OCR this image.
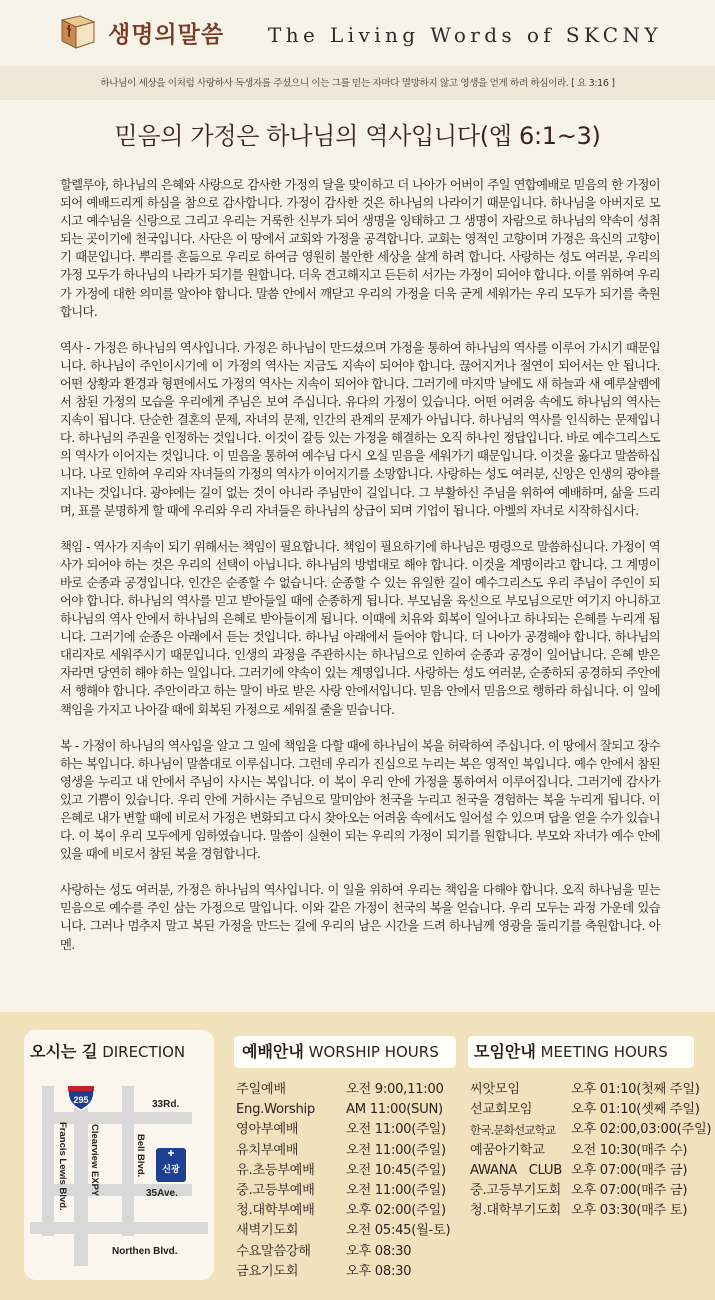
생명의말씀 The Living Words of SKCNY
하나님이 세상을 이처럼 사랑하사 독생자를 주셨으니 이는 그를 믿는 자마다 멸망하지 않고 영생을 얻게 하려 하심이라. [ 요 3:16 ]
믿음의 가정은 하나님의 역사입니다(엡 6:1~3)

할렐루야, 하나님의 은혜와 사랑으로 감사한 가정의 달을 맞이하고 더 나아가 어버이 주일 연합예배로 믿음의 한 가정이 되어 예배드리게 하심을 참으로 감사합니다. 가정이 감사한 것은 하나님의 나라이기 때문입니다. 하나님을 아버지로 모시고 예수님을 신랑으로 그리고 우리는 거룩한 신부가 되어 생명을 잉태하고 그 생명이 자람으로 하나님의 약속이 성취되는 곳이기에 천국입니다. 사단은 이 땅에서 교회와 가정을 공격합니다. 교회는 영적인 고향이며 가정은 육신의 고향이기 때문입니다. 뿌리를 흔듦으로 우리로 하여금 영원히 불안한 세상을 살게 하려 합니다. 사랑하는 성도 여러분, 우리의 가정 모두가 하나님의 나라가 되기를 원합니다. 더욱 견고해지고 든든히 서가는 가정이 되어야 합니다. 이를 위하여 우리가 가정에 대한 의미를 알아야 합니다. 말씀 안에서 깨닫고 우리의 가정을 더욱 굳게 세워가는 우리 모두가 되기를 축원합니다.

역사 - 가정은 하나님의 역사입니다. 가정은 하나님이 만드셨으며 가정을 통하여 하나님의 역사를 이루어 가시기 때문입니다. 하나님이 주인이시기에 이 가정의 역사는 지금도 지속이 되어야 합니다. 끊어지거나 절연이 되어서는 안 됩니다. 어떤 상황과 환경과 형편에서도 가정의 역사는 지속이 되어야 합니다. 그러기에 마지막 날에도 새 하늘과 새 예루살렘에서 참된 가정의 모습을 우리에게 주님은 보여 주십니다. 유다의 가정이 있습니다. 어떤 어려움 속에도 하나님의 역사는 지속이 됩니다. 단순한 결혼의 문제, 자녀의 문제, 인간의 관계의 문제가 아닙니다. 하나님의 역사를 인식하는 문제입니다. 하나님의 주권을 인정하는 것입니다. 이것이 갈등 있는 가정을 해결하는 오직 하나인 정답입니다. 바로 예수그리스도의 역사가 이어지는 것입니다. 이 믿음을 통하여 예수님 다시 오실 믿음을 세워가기 때문입니다. 이것을 옳다고 말씀하십니다. 나로 인하여 우리와 자녀들의 가정의 역사가 이어지기를 소망합니다. 사랑하는 성도 여러분, 신앙은 인생의 광야를 지나는 것입니다. 광야에는 길이 없는 것이 아니라 주님만이 길입니다. 그 부활하신 주님을 위하여 예배하며, 삶을 드리며, 표를 분명하게 할 때에 우리와 우리 자녀들은 하나님의 상급이 되며 기업이 됩니다. 아벨의 자녀로 시작하십시다.

책임 - 역사가 지속이 되기 위해서는 책임이 필요합니다. 책임이 필요하기에 하나님은 명령으로 말씀하십니다. 가정이 역사가 되어야 하는 것은 우리의 선택이 아닙니다. 하나님의 방법대로 해야 합니다. 이것을 계명이라고 합니다. 그 계명이 바로 순종과 공경입니다. 인간은 순종할 수 없습니다. 순종할 수 있는 유일한 길이 예수그리스도 우리 주님이 주인이 되어야 합니다. 하나님의 역사를 믿고 받아들일 때에 순종하게 됩니다. 부모님을 육신으로 부모님으로만 여기지 아니하고 하나님의 역사 안에서 하나님의 은혜로 받아들이게 됩니다. 이때에 치유와 회복이 일어나고 하나되는 은혜를 누리게 됩니다. 그러기에 순종은 아래에서 듣는 것입니다. 하나님 아래에서 들어야 합니다. 더 나아가 공경해야 합니다. 하나님의 대리자로 세워주시기 때문입니다. 인생의 과정을 주관하시는 하나님으로 인하여 순종과 공경이 일어납니다. 은혜 받은 자라면 당연히 해야 하는 일입니다. 그러기에 약속이 있는 계명입니다. 사랑하는 성도 여러분, 순종하되 공경하되 주안에서 행해야 합니다. 주안이라고 하는 말이 바로 받은 사랑 안에서입니다. 믿음 안에서 믿음으로 행하라 하십니다. 이 일에 책임을 가지고 나아갈 때에 회복된 가정으로 세워질 줄을 믿습니다.

복 - 가정이 하나님의 역사임을 알고 그 일에 책임을 다할 때에 하나님이 복을 허락하여 주십니다. 이 땅에서 잘되고 장수하는 복입니다. 하나님이 말씀대로 이루십니다. 그런데 우리가 진심으로 누리는 복은 영적인 복입니다. 예수 안에서 참된 영생을 누리고 내 안에서 주님이 사시는 복입니다. 이 복이 우리 안에 가정을 통하여서 이루어집니다. 그러기에 감사가 있고 기쁨이 있습니다. 우리 안에 거하시는 주님으로 말미암아 천국을 누리고 천국을 경험하는 복을 누리게 됩니다. 이 은혜로 내가 변할 때에 비로서 가정은 변화되고 다시 찾아오는 어려움 속에서도 일어설 수 있으며 답을 얻을 수가 있습니다. 이 복이 우리 모두에게 임하였습니다. 말씀이 실현이 되는 우리의 가정이 되기를 원합니다. 부모와 자녀가 예수 안에 있을 때에 비로서 참된 복을 경험합니다.

사랑하는 성도 여러분, 가정은 하나님의 역사입니다. 이 일을 위하여 우리는 책임을 다해야 합니다. 오직 하나님을 믿는 믿음으로 예수를 주인 삼는 가정으로 말입니다. 이와 같은 가정이 천국의 복을 얻습니다. 우리 모두는 과정 가운데 있습니다. 그러나 멈추지 말고 복된 가정을 만드는 길에 우리의 남은 시간을 드려 하나님께 영광을 돌리기를 축원합니다. 아멘.

오시는 길 DIRECTION	예배안내 WORSHIP HOURS	모임안내 MEETING HOURS
295	33Rd.
35Ave.
Northen Blvd.
Francis Lewis Blvd. Clearview EXPY	Bell Blvd. 신광
주일예배	오전 9:00,11:00
Eng.Worship	AM 11:00(SUN)
영아부예배	오전 11:00(주일)
유치부예배	오전 11:00(주일)
유.초등부예배	오전 10:45(주일)
중.고등부예배	오전 11:00(주일)
청.대학부예배	오후 02:00(주일)
새벽기도회	오전 05:45(월-토)
수요말씀강해	오후 08:30
금요기도회	오후 08:30
씨앗모임	오후 01:10(첫째 주일)
선교회모임	오후 01:10(셋째 주일)
한국.문화선교학교	오후 02:00,03:00(주일)
예꿈아기학교	오전 10:30(매주 수)
AWANA CLUB 오후 07:00(매주 금)
중.고등부기도회 오후 07:00(매주 금)
청.대학부기도회 오후 03:30(매주 토)
